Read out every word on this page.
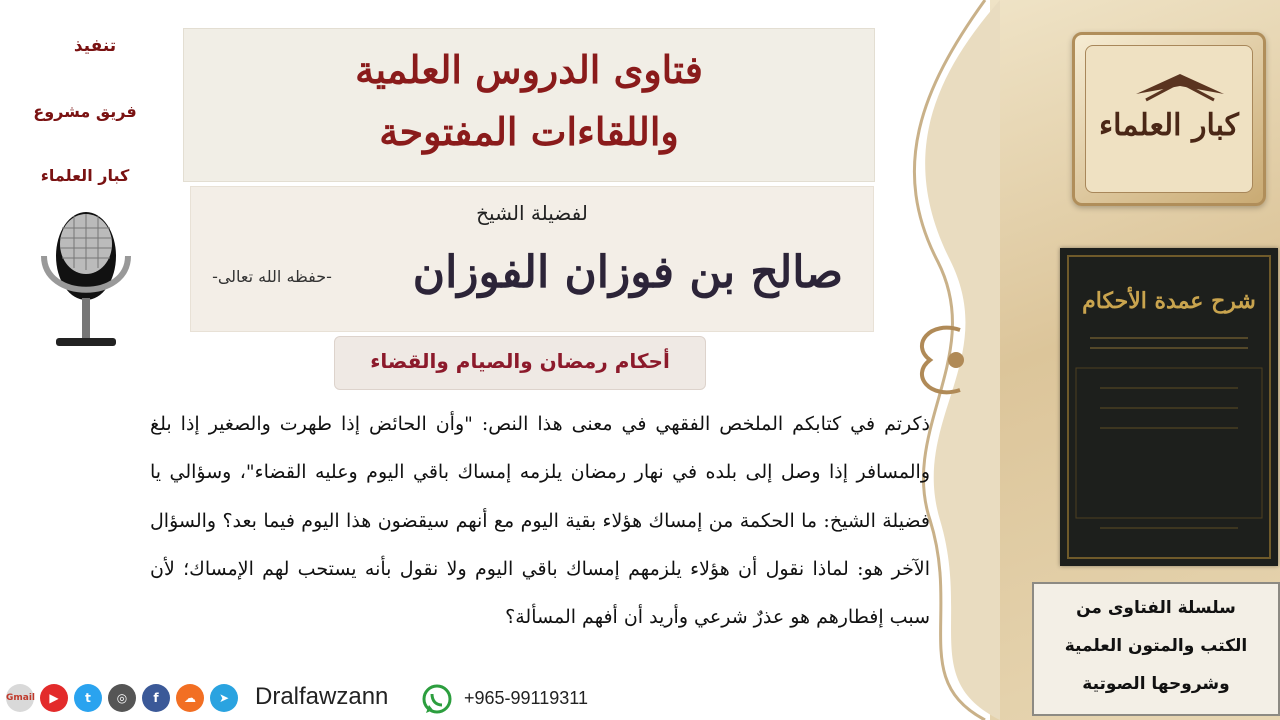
تنفيذ
فريق مشروع
كبار العلماء
فتاوى الدروس العلمية
واللقاءات المفتوحة
لفضيلة الشيخ
صالح بن فوزان الفوزان
-حفظه الله تعالى-
أحكام رمضان والصيام والقضاء
ذكرتم في كتابكم الملخص الفقهي في معنى هذا النص: "وأن الحائض إذا طهرت والصغير إذا بلغ والمسافر إذا وصل إلى بلده في نهار رمضان يلزمه إمساك باقي اليوم وعليه القضاء"، وسؤالي يا فضيلة الشيخ: ما الحكمة من إمساك هؤلاء بقية اليوم مع أنهم سيقضون هذا اليوم فيما بعد؟ والسؤال الآخر هو: لماذا نقول أن هؤلاء يلزمهم إمساك باقي اليوم ولا نقول بأنه يستحب لهم الإمساك؛ لأن سبب إفطارهم هو عذرٌ شرعي وأريد أن أفهم المسألة؟
كبار العلماء
شرح عمدة الأحكام
سلسلة الفتاوى من
الكتب والمتون العلمية
وشروحها الصوتية
Gmail	▶	t	◎	f	☁	➤	Dralfawzann	+965-99119311
